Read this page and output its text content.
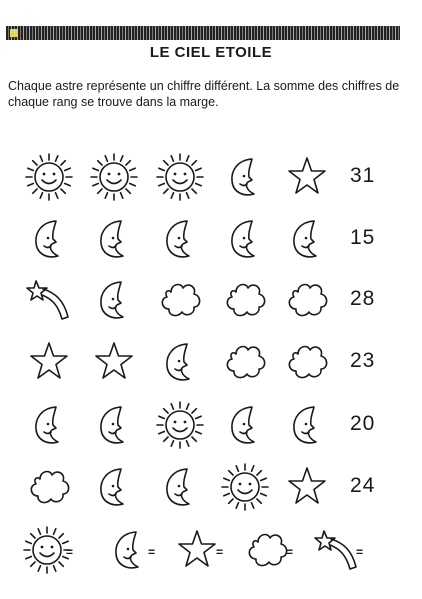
LE CIEL ETOILE
Chaque astre représente un chiffre différent. La somme des chiffres de chaque rang se trouve dans la marge.
31
15
28
23
20
24
=	=	=	=	=
